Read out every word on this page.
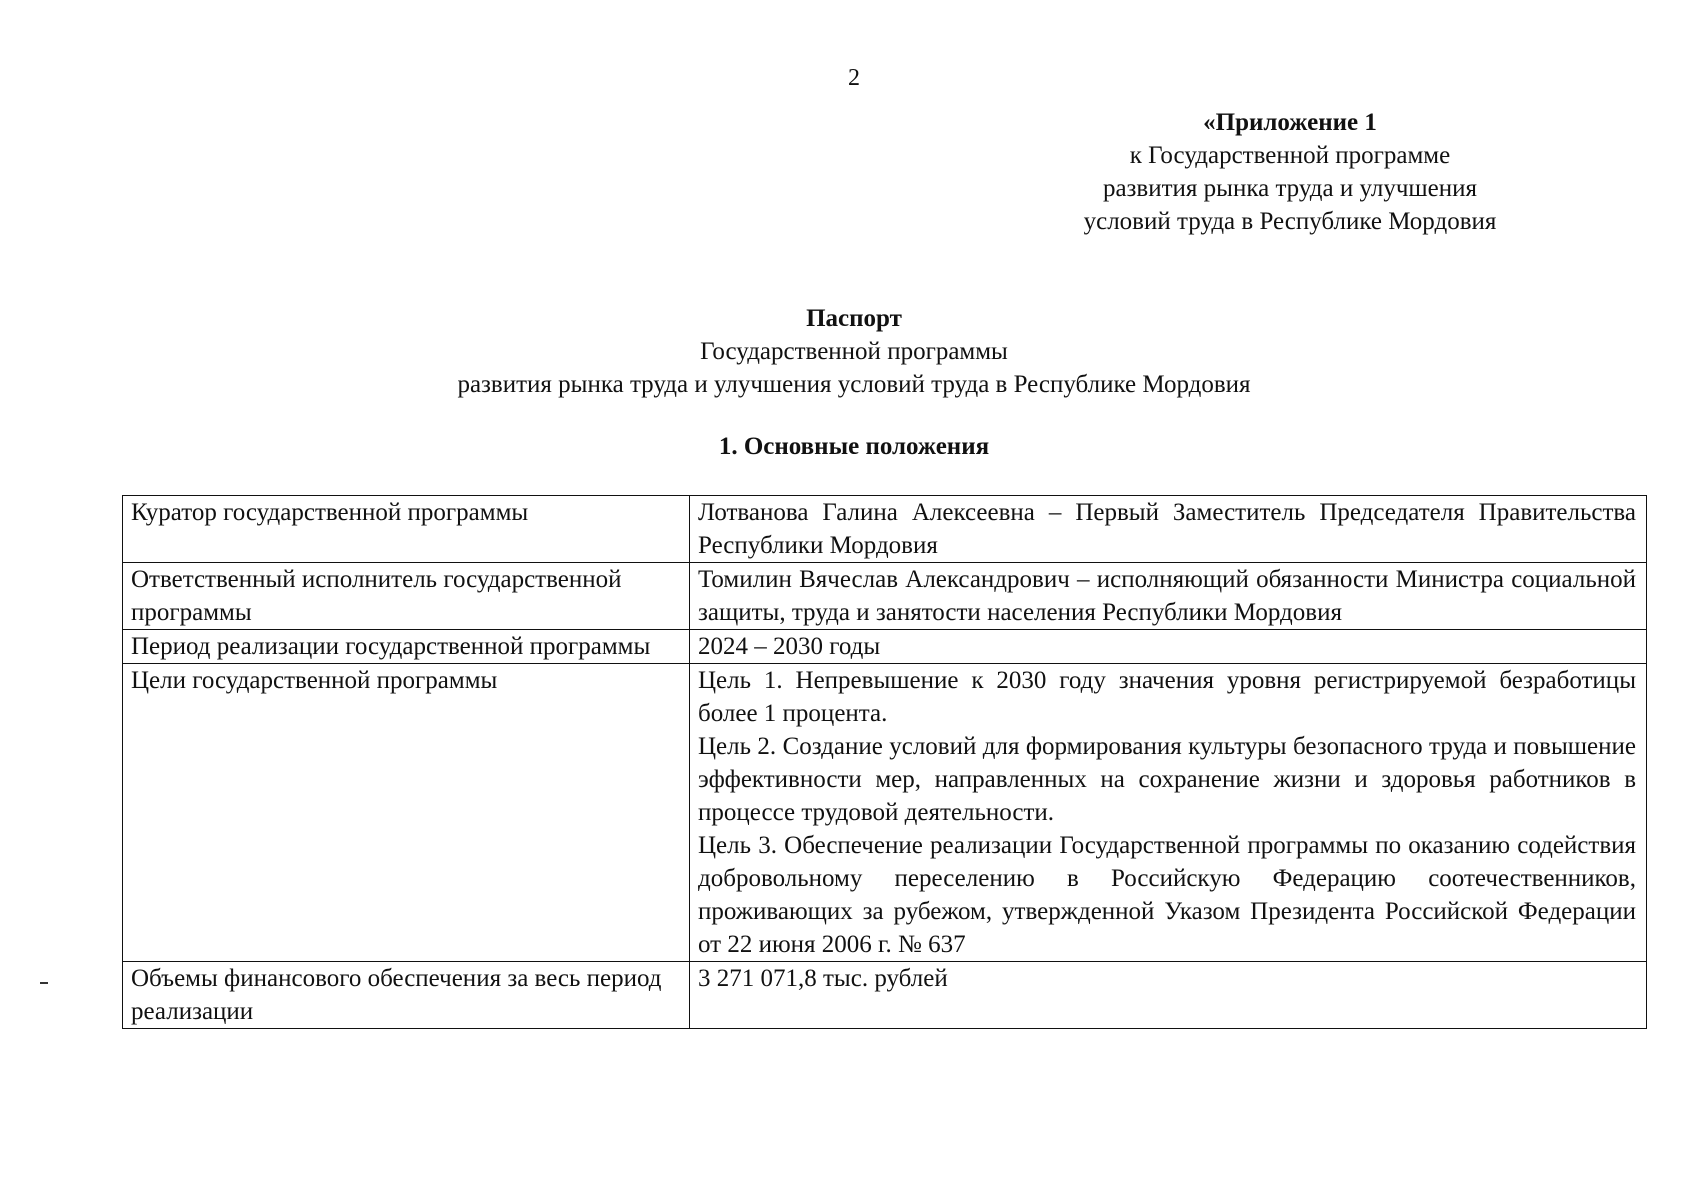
2
«Приложение 1
к Государственной программе
развития рынка труда и улучшения
условий труда в Республике Мордовия
Паспорт
Государственной программы
развития рынка труда и улучшения условий труда в Республике Мордовия
1. Основные положения
Куратор государственной программы	Лотванова Галина Алексеевна – Первый Заместитель Председателя Правительства Республики Мордовия
Ответственный исполнитель государственной программы	Томилин Вячеслав Александрович – исполняющий обязанности Министра социальной защиты, труда и занятости населения Республики Мордовия
Период реализации государственной программы	2024 – 2030 годы
Цели государственной программы	Цель 1. Непревышение к 2030 году значения уровня регистрируемой безработицы более 1 процента.
Цель 2. Создание условий для формирования культуры безопасного труда и повышение эффективности мер, направленных на сохранение жизни и здоровья работников в процессе трудовой деятельности.
Цель 3. Обеспечение реализации Государственной программы по оказанию содействия добровольному переселению в Российскую Федерацию соотечественников, проживающих за рубежом, утвержденной Указом Президента Российской Федерации от 22 июня 2006 г. № 637

Объемы финансового обеспечения за весь период реализации	3 271 071,8 тыс. рублей
